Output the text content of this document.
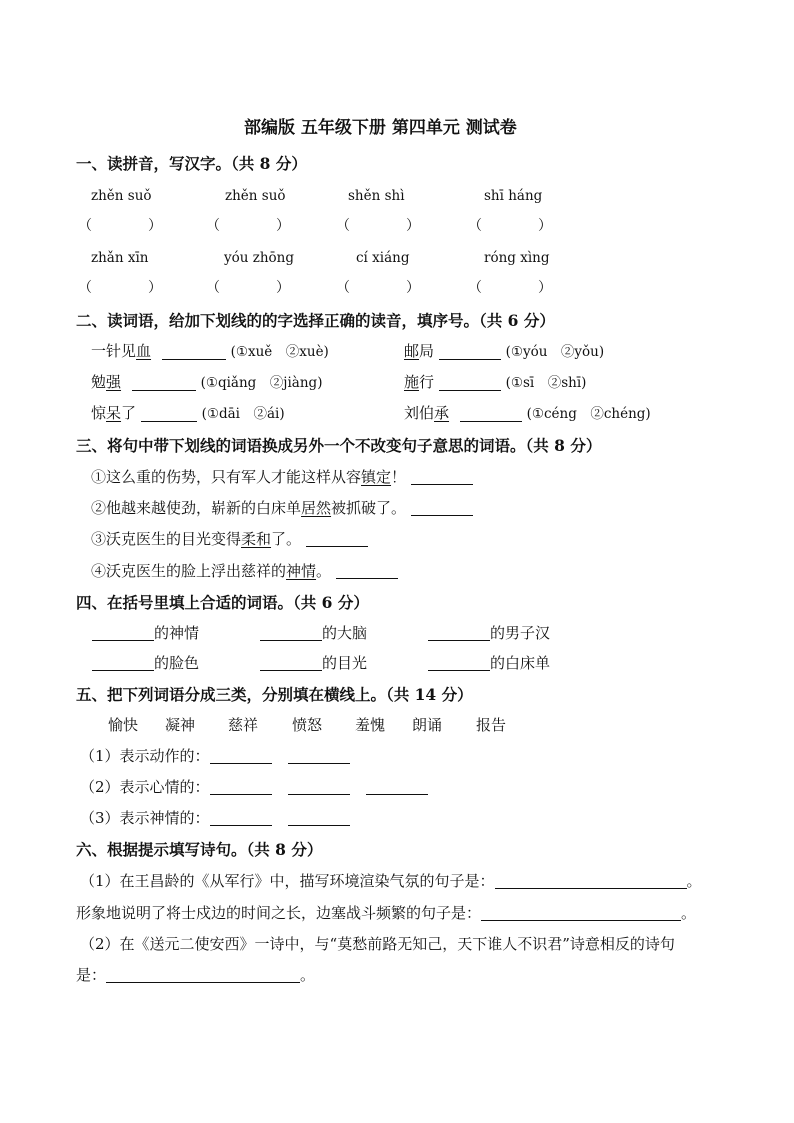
部编版 五年级下册 第四单元 测试卷
一、读拼音，写汉字。（共 8 分）
zhěn suǒ	zhěn suǒ	shěn shì	shī háng
（　　　　）	（　　　　）	（　　　　）	（　　　　）
zhǎn xīn	yóu zhōng	cí xiáng	róng xìng
（　　　　）	（　　　　）	（　　　　）	（　　　　）
二、读词语，给加下划线的的字选择正确的读音，填序号。（共 6 分）
一针见血	(①xuě　②xuè)	邮局	(①yóu　②yǒu)
勉强	(①qiǎng　②jiàng)	施行	(①sī　②shī)
惊呆了	(①dāi　②ái)	刘伯承	(①céng　②chéng)
三、将句中带下划线的词语换成另外一个不改变句子意思的词语。（共 8 分）
①这么重的伤势，只有军人才能这样从容镇定！
②他越来越使劲，崭新的白床单居然被抓破了。
③沃克医生的目光变得柔和了。
④沃克医生的脸上浮出慈祥的神情。
四、在括号里填上合适的词语。（共 6 分）
的神情	的大脑	的男子汉
的脸色	的目光	的白床单
五、把下列词语分成三类，分别填在横线上。（共 14 分）
愉快 凝神 慈祥 愤怒 羞愧 朗诵 报告
（1）表示动作的：
（2）表示心情的：
（3）表示神情的：
六、根据提示填写诗句。（共 8 分）
（1）在王昌龄的《从军行》中，描写环境渲染气氛的句子是：	。
形象地说明了将士戍边的时间之长，边塞战斗频繁的句子是：	。
（2）在《送元二使安西》一诗中，与“莫愁前路无知己，天下谁人不识君”诗意相反的诗句
是：	。
